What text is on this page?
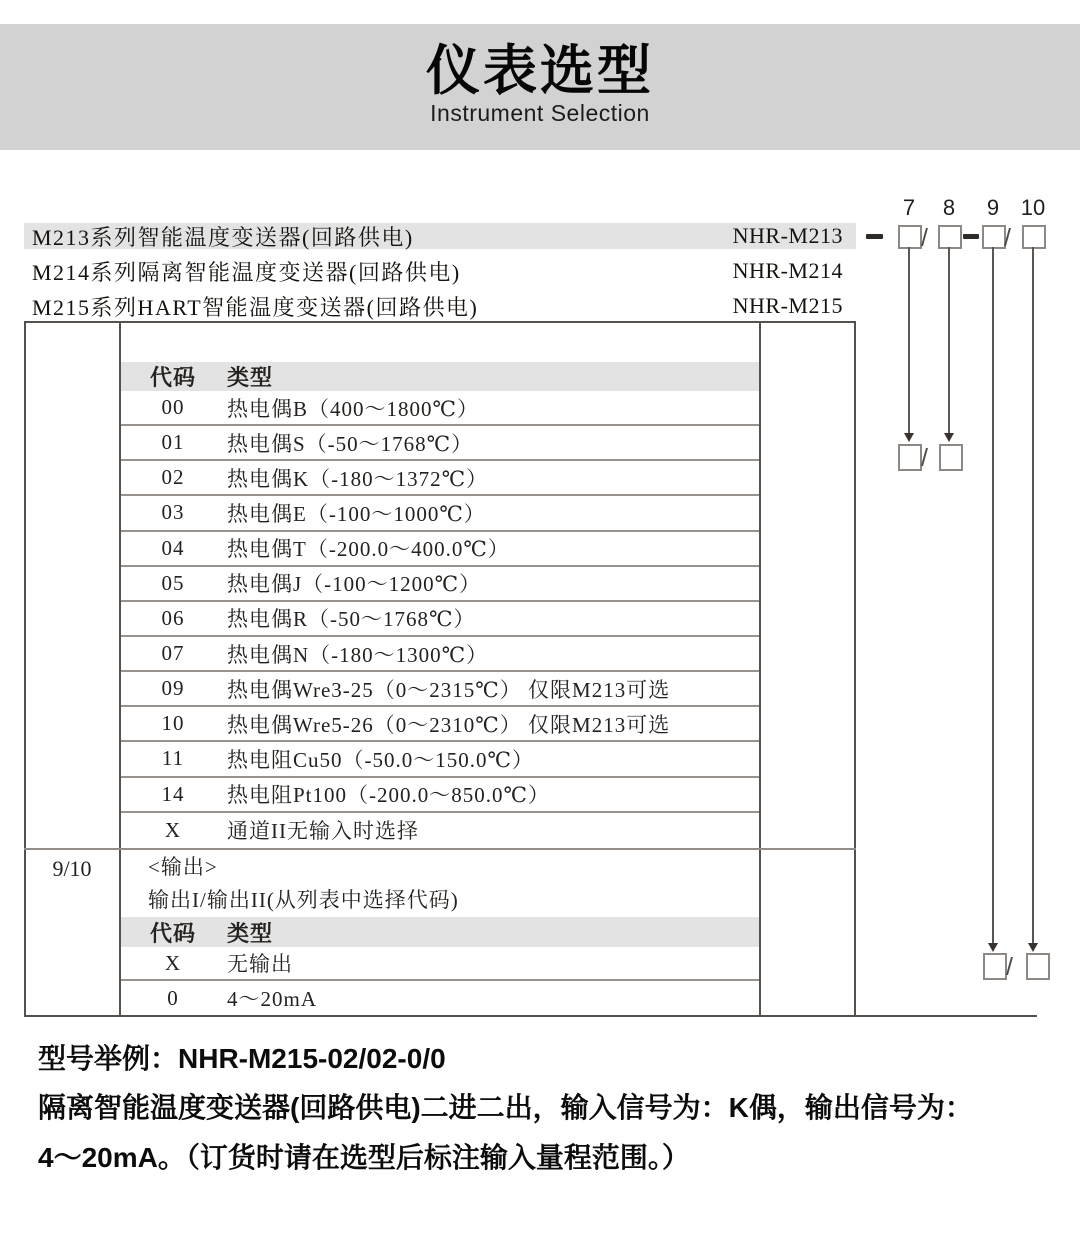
仪表选型
Instrument Selection
M213系列智能温度变送器(回路供电)	NHR-M213
M214系列隔离智能温度变送器(回路供电)	NHR-M214
M215系列HART智能温度变送器(回路供电)	NHR-M215
代码	类型
00	热电偶B（400～1800℃）
01	热电偶S（-50～1768℃）
02	热电偶K（-180～1372℃）
03	热电偶E（-100～1000℃）
04	热电偶T（-200.0～400.0℃）
05	热电偶J（-100～1200℃）
06	热电偶R（-50～1768℃）
07	热电偶N（-180～1300℃）
09	热电偶Wre3-25（0～2315℃） 仅限M213可选
10	热电偶Wre5-26（0～2310℃） 仅限M213可选
11	热电阻Cu50（-50.0～150.0℃）
14	热电阻Pt100（-200.0～850.0℃）
X	通道II无输入时选择
9/10	<输出>
输出I/输出II(从列表中选择代码)
代码	类型
X	无输出
0	4～20mA
7	8	9 10
/	/
/
/
型号举例：NHR-M215-02/02-0/0
隔离智能温度变送器(回路供电)二进二出，输入信号为：K偶，输出信号为：
4～20mA。（订货时请在选型后标注输入量程范围。）
